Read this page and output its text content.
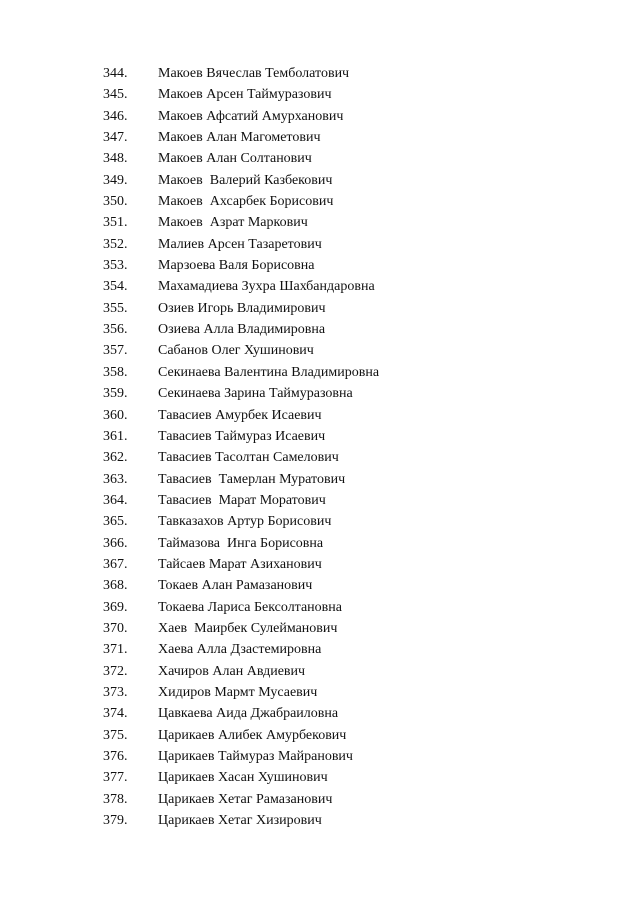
344. Макоев Вячеслав Темболатович
345. Макоев Арсен Таймуразович
346. Макоев Афсатий Амурханович
347. Макоев Алан Магометович
348. Макоев Алан Солтанович
349. Макоев  Валерий Казбекович
350. Макоев  Ахсарбек Борисович
351. Макоев  Азрат Маркович
352. Малиев Арсен Тазаретович
353. Марзоева Валя Борисовна
354. Махамадиева Зухра Шахбандаровна
355. Озиев Игорь Владимирович
356. Озиева Алла Владимировна
357. Сабанов Олег Хушинович
358. Секинаева Валентина Владимировна
359. Секинаева Зарина Таймуразовна
360. Тавасиев Амурбек Исаевич
361. Тавасиев Таймураз Исаевич
362. Тавасиев Тасолтан Самелович
363. Тавасиев  Тамерлан Муратович
364. Тавасиев  Марат Моратович
365. Тавказахов Артур Борисович
366. Таймазова  Инга Борисовна
367. Тайсаев Марат Азиханович
368. Токаев Алан Рамазанович
369. Токаева Лариса Бексолтановна
370. Хаев  Маирбек Сулейманович
371. Хаева Алла Дзастемировна
372. Хачиров Алан Авдиевич
373. Хидиров Мармт Мусаевич
374. Цавкаева Аида Джабраиловна
375. Царикаев Алибек Амурбекович
376. Царикаев Таймураз Майранович
377. Царикаев Хасан Хушинович
378. Царикаев Хетаг Рамазанович
379. Царикаев Хетаг Хизирович
